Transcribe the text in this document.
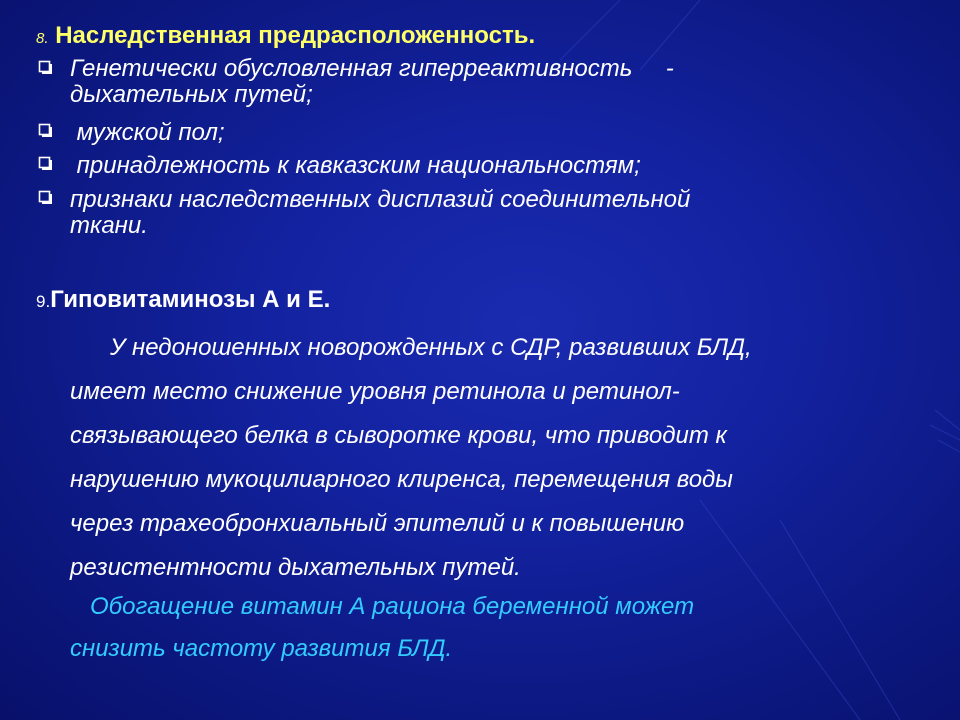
8. Наследственная предрасположенность.
Генетически обусловленная гиперреактивность     -
дыхательных путей;
мужской пол;
принадлежность к кавказским национальностям;
признаки наследственных дисплазий соединительной
ткани.
9.Гиповитаминозы А и Е.
У недоношенных новорожденных с СДР, развивших БЛД,
имеет место снижение уровня ретинола и ретинол-
связывающего белка в сыворотке крови, что приводит к
нарушению мукоцилиарного клиренса, перемещения воды
через трахеобронхиальный эпителий и к повышению
резистентности дыхательных путей.
Обогащение витамин А рациона беременной может
снизить частоту развития БЛД.
